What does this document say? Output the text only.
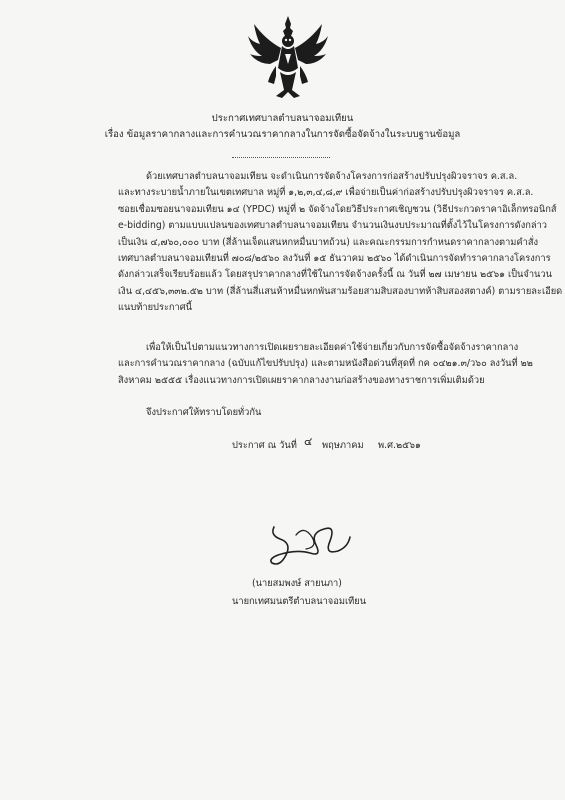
ประกาศเทศบาลตำบลนาจอมเทียน
เรื่อง ข้อมูลราคากลางและการคำนวณราคากลางในการจัดซื้อจัดจ้างในระบบฐานข้อมูล
ด้วยเทศบาลตำบลนาจอมเทียน จะดำเนินการจัดจ้างโครงการก่อสร้างปรับปรุงผิวจราจร ค.ส.ล.
และทางระบายน้ำภายในเขตเทศบาล หมู่ที่ ๑,๒,๓,๔,๘,๙ เพื่อจ่ายเป็นค่าก่อสร้างปรับปรุงผิวจราจร ค.ส.ล.
ซอยเชื่อมซอยนาจอมเทียน ๑๔ (YPDC) หมู่ที่ ๒ จัดจ้างโดยวิธีประกาศเชิญชวน (วิธีประกวดราคาอิเล็กทรอนิกส์
e-bidding) ตามแบบแปลนของเทศบาลตำบลนาจอมเทียน จำนวนเงินงบประมาณที่ตั้งไว้ในโครงการดังกล่าว
เป็นเงิน ๔,๗๖๐,๐๐๐ บาท (สี่ล้านเจ็ดแสนหกหมื่นบาทถ้วน) และคณะกรรมการกำหนดราคากลางตามคำสั่ง
เทศบาลตำบลนาจอมเทียนที่ ๗๐๘/๒๕๖๐ ลงวันที่ ๑๕ ธันวาคม ๒๕๖๐ ได้ดำเนินการจัดทำราคากลางโครงการ
ดังกล่าวเสร็จเรียบร้อยแล้ว โดยสรุปราคากลางที่ใช้ในการจัดจ้างครั้งนี้ ณ วันที่ ๒๗ เมษายน ๒๕๖๑ เป็นจำนวน
เงิน ๔,๔๕๖,๓๓๒.๕๒ บาท (สี่ล้านสี่แสนห้าหมื่นหกพันสามร้อยสามสิบสองบาทห้าสิบสองสตางค์) ตามรายละเอียด
แนบท้ายประกาศนี้
เพื่อให้เป็นไปตามแนวทางการเปิดเผยรายละเอียดค่าใช้จ่ายเกี่ยวกับการจัดซื้อจัดจ้างราคากลาง
และการคำนวณราคากลาง (ฉบับแก้ไขปรับปรุง) และตามหนังสือด่วนที่สุดที่ กค ๐๔๒๑.๓/ว๖๐ ลงวันที่ ๒๒
สิงหาคม ๒๕๕๕ เรื่องแนวทางการเปิดเผยราคากลางงานก่อสร้างของทางราชการเพิ่มเติมด้วย
จึงประกาศให้ทราบโดยทั่วกัน
ประกาศ ณ วันที่ ๔ พฤษภาคม พ.ศ.๒๕๖๑
(นายสมพงษ์ สายนภา)
นายกเทศมนตรีตำบลนาจอมเทียน
